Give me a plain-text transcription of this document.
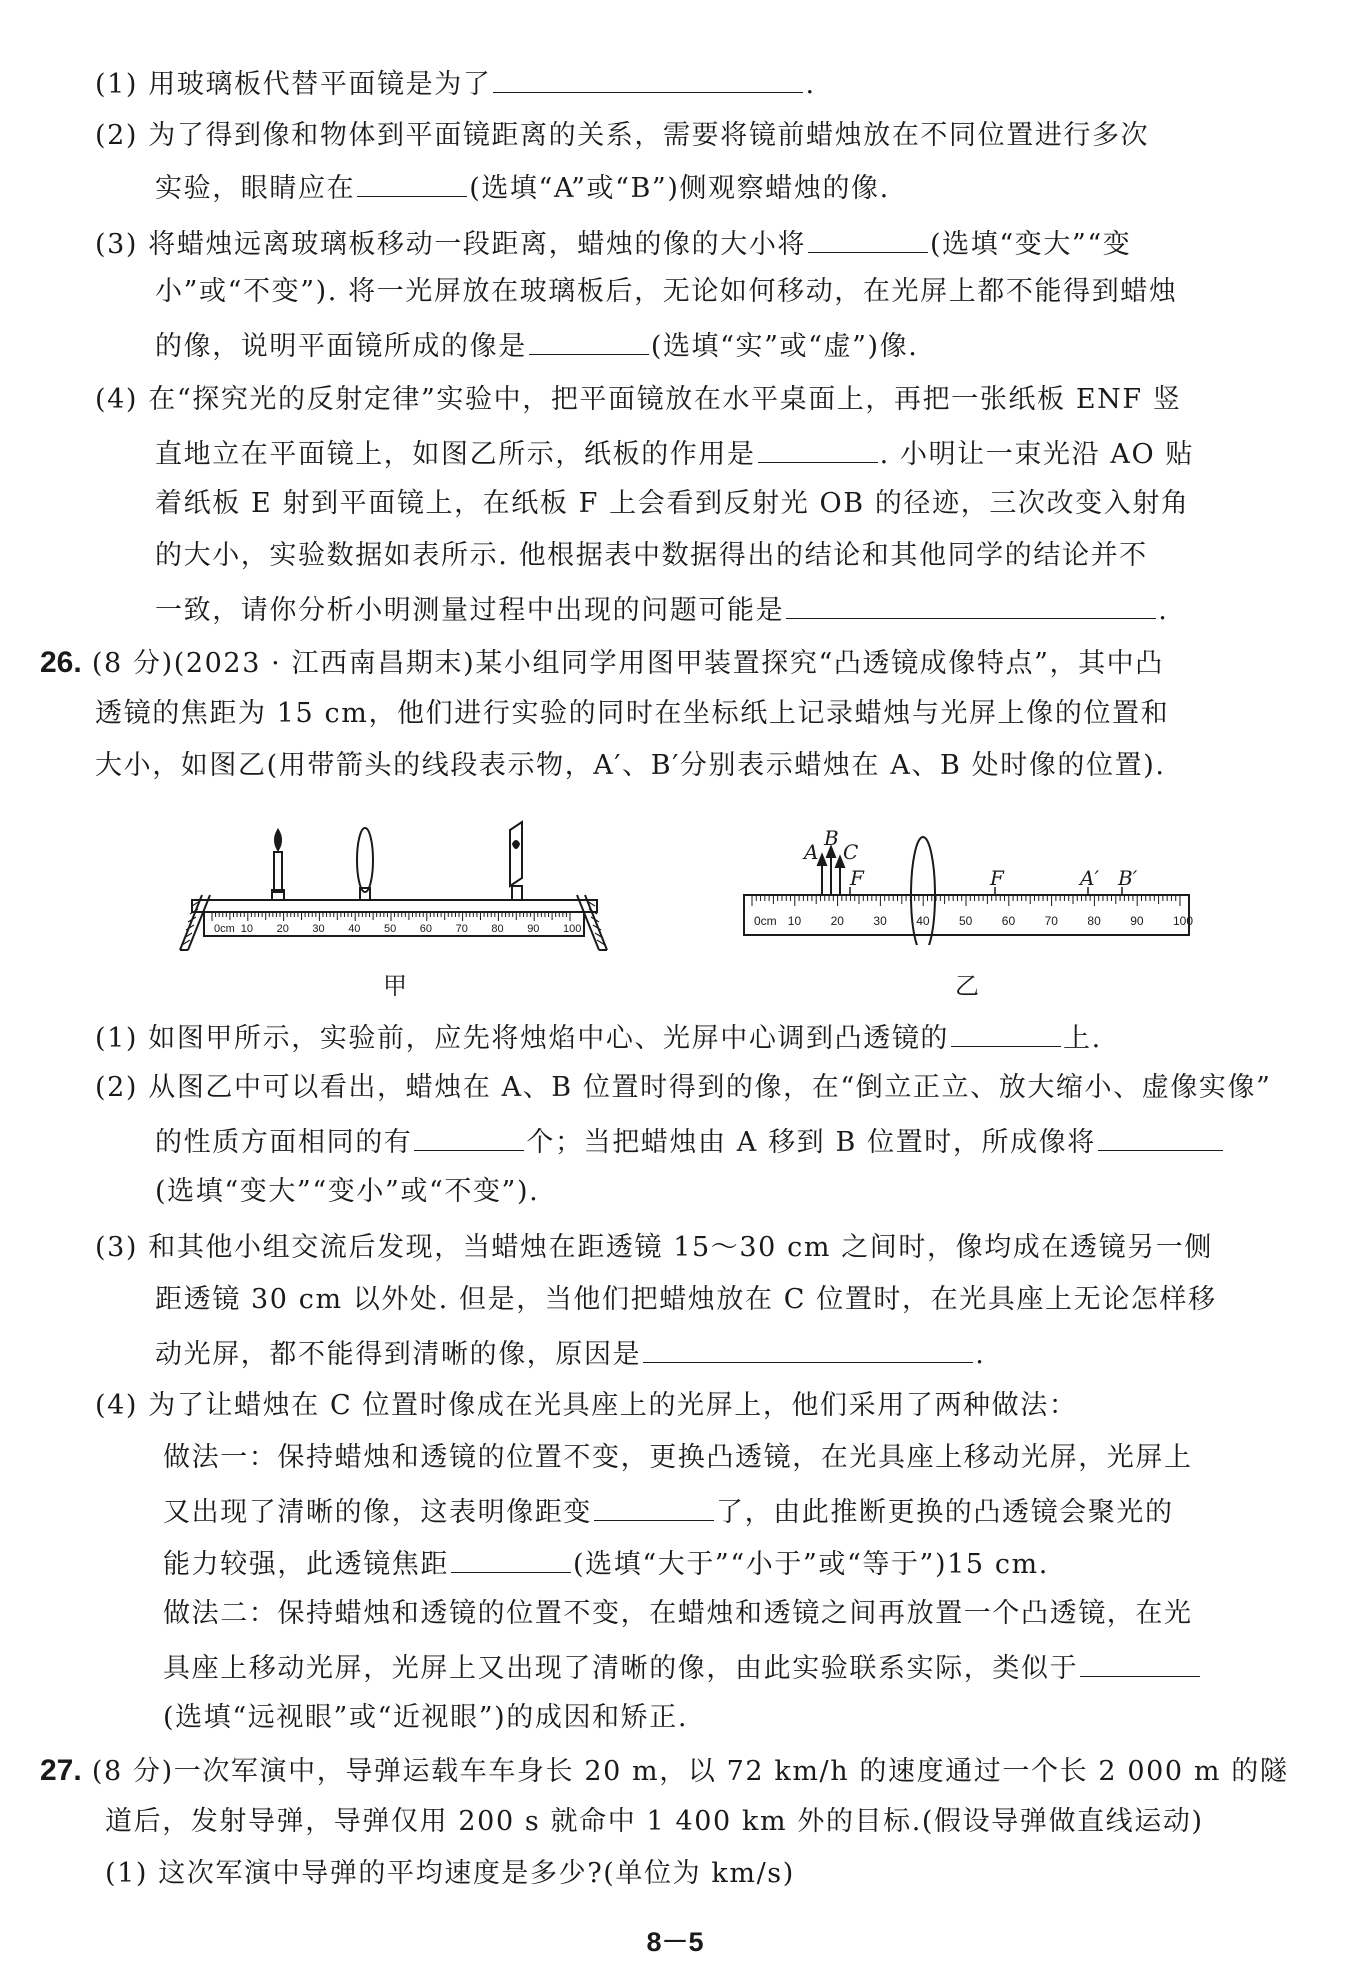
(1) 用玻璃板代替平面镜是为了	.
(2) 为了得到像和物体到平面镜距离的关系，需要将镜前蜡烛放在不同位置进行多次
实验，眼睛应在	(选填“A”或“B”)侧观察蜡烛的像.
(3) 将蜡烛远离玻璃板移动一段距离，蜡烛的像的大小将	(选填“变大”“变
小”或“不变”). 将一光屏放在玻璃板后，无论如何移动，在光屏上都不能得到蜡烛
的像，说明平面镜所成的像是	(选填“实”或“虚”)像.
(4) 在“探究光的反射定律”实验中，把平面镜放在水平桌面上，再把一张纸板 ENF 竖
直地立在平面镜上，如图乙所示，纸板的作用是	. 小明让一束光沿 AO 贴
着纸板 E 射到平面镜上，在纸板 F 上会看到反射光 OB 的径迹，三次改变入射角
的大小，实验数据如表所示. 他根据表中数据得出的结论和其他同学的结论并不
一致，请你分析小明测量过程中出现的问题可能是	.
26. (8 分)(2023 · 江西南昌期末)某小组同学用图甲装置探究“凸透镜成像特点”，其中凸
透镜的焦距为 15 cm，他们进行实验的同时在坐标纸上记录蜡烛与光屏上像的位置和
大小，如图乙(用带箭头的线段表示物，A′、B′分别表示蜡烛在 A、B 处时像的位置).
0cm 10 20 30 40 50 60 70 80 90 100
甲
0cm 10 20 30 40 50 60 70 80 90 100
A
B
C
F	F	A′ B′
乙
(1) 如图甲所示，实验前，应先将烛焰中心、光屏中心调到凸透镜的	上.
(2) 从图乙中可以看出，蜡烛在 A、B 位置时得到的像，在“倒立正立、放大缩小、虚像实像”
的性质方面相同的有	个；当把蜡烛由 A 移到 B 位置时，所成像将
(选填“变大”“变小”或“不变”).
(3) 和其他小组交流后发现，当蜡烛在距透镜 15～30 cm 之间时，像均成在透镜另一侧
距透镜 30 cm 以外处. 但是，当他们把蜡烛放在 C 位置时，在光具座上无论怎样移
动光屏，都不能得到清晰的像，原因是	.
(4) 为了让蜡烛在 C 位置时像成在光具座上的光屏上，他们采用了两种做法：
做法一：保持蜡烛和透镜的位置不变，更换凸透镜，在光具座上移动光屏，光屏上
又出现了清晰的像，这表明像距变	了，由此推断更换的凸透镜会聚光的
能力较强，此透镜焦距	(选填“大于”“小于”或“等于”)15 cm.
做法二：保持蜡烛和透镜的位置不变，在蜡烛和透镜之间再放置一个凸透镜，在光
具座上移动光屏，光屏上又出现了清晰的像，由此实验联系实际，类似于
(选填“远视眼”或“近视眼”)的成因和矫正.
27. (8 分)一次军演中，导弹运载车车身长 20 m，以 72 km/h 的速度通过一个长 2 000 m 的隧
道后，发射导弹，导弹仅用 200 s 就命中 1 400 km 外的目标.(假设导弹做直线运动)
(1) 这次军演中导弹的平均速度是多少?(单位为 km/s)
8－5
